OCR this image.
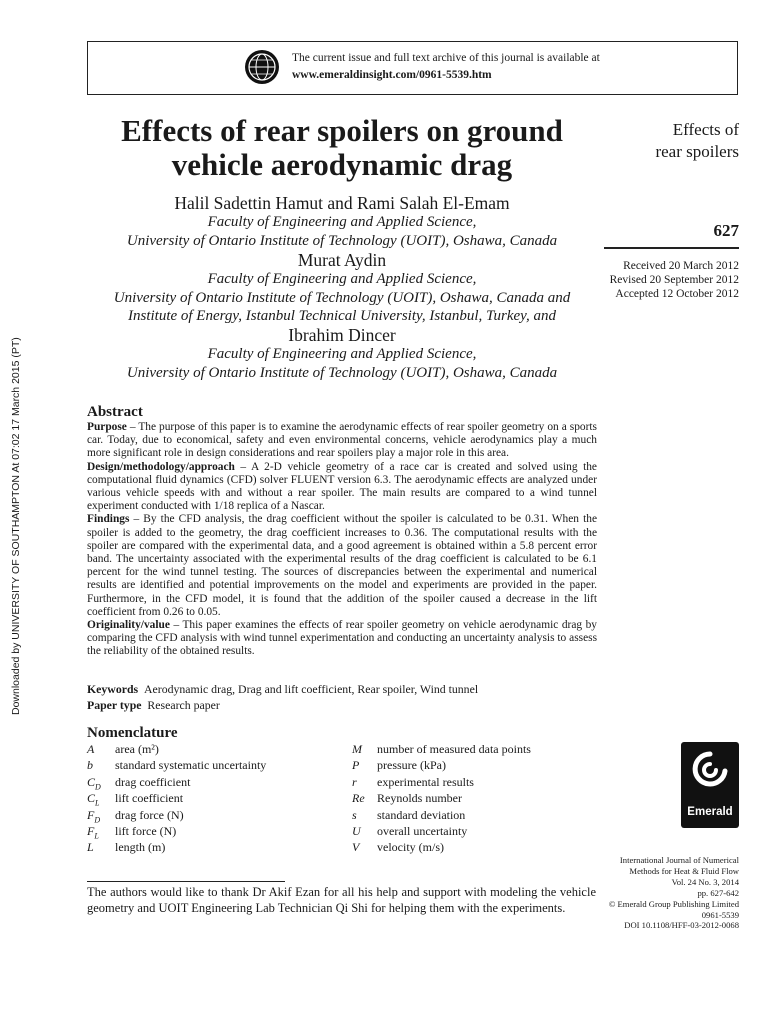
The current issue and full text archive of this journal is available at
www.emeraldinsight.com/0961-5539.htm
Downloaded by UNIVERSITY OF SOUTHAMPTON At 07:02 17 March 2015 (PT)
Effects of rear spoilers on ground vehicle aerodynamic drag
Halil Sadettin Hamut and Rami Salah El-Emam
Faculty of Engineering and Applied Science,
University of Ontario Institute of Technology (UOIT), Oshawa, Canada
Murat Aydin
Faculty of Engineering and Applied Science,
University of Ontario Institute of Technology (UOIT), Oshawa, Canada and
Institute of Energy, Istanbul Technical University, Istanbul, Turkey, and
Ibrahim Dincer
Faculty of Engineering and Applied Science,
University of Ontario Institute of Technology (UOIT), Oshawa, Canada
Effects of
rear spoilers
627
Received 20 March 2012
Revised 20 September 2012
Accepted 12 October 2012
Abstract

Purpose – The purpose of this paper is to examine the aerodynamic effects of rear spoiler geometry on a sports car. Today, due to economical, safety and even environmental concerns, vehicle aerodynamics play a much more significant role in design considerations and rear spoilers play a major role in this area.

Design/methodology/approach – A 2-D vehicle geometry of a race car is created and solved using the computational fluid dynamics (CFD) solver FLUENT version 6.3. The aerodynamic effects are analyzed under various vehicle speeds with and without a rear spoiler. The main results are compared to a wind tunnel experiment conducted with 1/18 replica of a Nascar.

Findings – By the CFD analysis, the drag coefficient without the spoiler is calculated to be 0.31. When the spoiler is added to the geometry, the drag coefficient increases to 0.36. The computational results with the spoiler are compared with the experimental data, and a good agreement is obtained within a 5.8 percent error band. The uncertainty associated with the experimental results of the drag coefficient is calculated to be 6.1 percent for the wind tunnel testing. The sources of discrepancies between the experimental and numerical results are identified and potential improvements on the model and experiments are provided in the paper. Furthermore, in the CFD model, it is found that the addition of the spoiler caused a decrease in the lift coefficient from 0.26 to 0.05.

Originality/value – This paper examines the effects of rear spoiler geometry on vehicle aerodynamic drag by comparing the CFD analysis with wind tunnel experimentation and conducting an uncertainty analysis to assess the reliability of the obtained results.

Keywords Aerodynamic drag, Drag and lift coefficient, Rear spoiler, Wind tunnel
Paper type Research paper
Nomenclature
A area (m²)
b standard systematic uncertainty
$C_D$ drag coefficient
$C_L$ lift coefficient
$F_D$ drag force (N)
$F_L$ lift force (N)
L length (m)
M number of measured data points
P pressure (kPa)
r experimental results
Re Reynolds number
s standard deviation
U overall uncertainty
V velocity (m/s)
Emerald
International Journal of Numerical
Methods for Heat & Fluid Flow
Vol. 24 No. 3, 2014
pp. 627-642
© Emerald Group Publishing Limited
0961-5539
DOI 10.1108/HFF-03-2012-0068
The authors would like to thank Dr Akif Ezan for all his help and support with modeling the vehicle geometry and UOIT Engineering Lab Technician Qi Shi for helping them with the experiments.
